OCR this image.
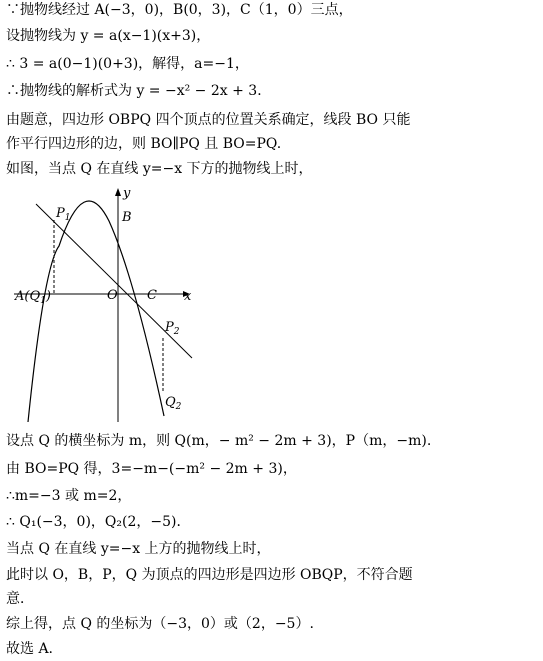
∵抛物线经过 A(−3，0)，B(0，3)，C（1，0）三点，
设抛物线为 y = a(x−1)(x+3)，
∴ 3 = a(0−1)(0+3)，解得，a=−1，
∴抛物线的解析式为 y = −x² − 2x + 3．
由题意，四边形 OBPQ 四个顶点的位置关系确定，线段 BO 只能
作平行四边形的边，则 BO∥PQ 且 BO=PQ.
如图，当点 Q 在直线 y=−x 下方的抛物线上时，
设点 Q 的横坐标为 m，则 Q(m，− m² − 2m + 3)，P（m，−m).
由 BO=PQ 得，3=−m−(−m² − 2m + 3)，
∴m=−3 或 m=2，
∴ Q₁(−3，0)，Q₂(2，−5)．
当点 Q 在直线 y=−x 上方的抛物线上时，
此时以 O，B，P，Q 为顶点的四边形是四边形 OBQP，不符合题
意．
综上得，点 Q 的坐标为（−3，0）或（2，−5）.
故选 A.
y
x
B
O C
$A(Q_1)$
$P_1$
$P_2$
$Q_2$
